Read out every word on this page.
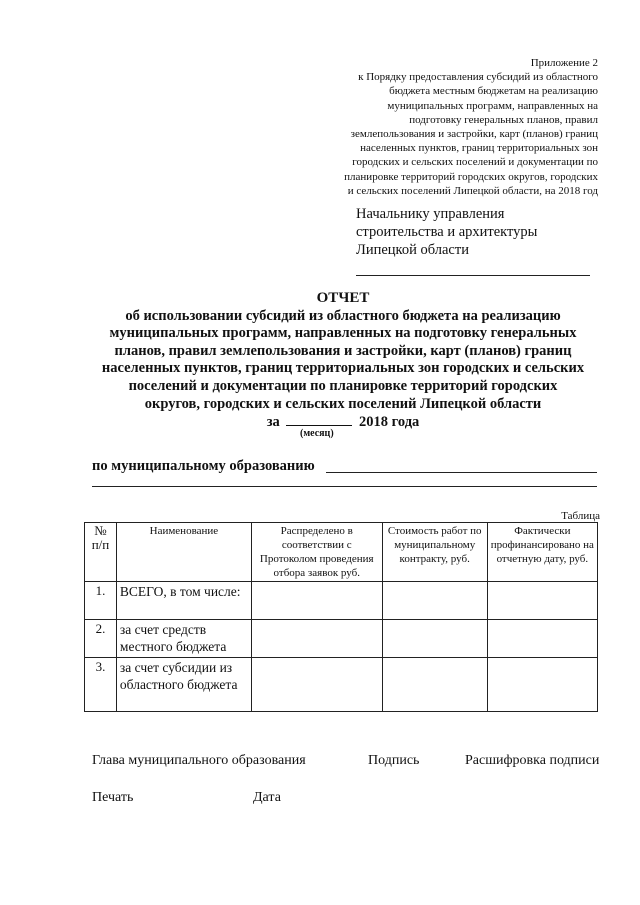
Приложение 2
к Порядку предоставления субсидий из областного
бюджета местным бюджетам на реализацию
муниципальных программ, направленных на
подготовку генеральных планов, правил
землепользования и застройки, карт (планов) границ
населенных пунктов, границ территориальных зон
городских и сельских поселений и документации по
планировке территорий городских округов, городских
и сельских поселений Липецкой области, на 2018 год
Начальнику управления
строительства и архитектуры
Липецкой области
ОТЧЕТ
об использовании субсидий из областного бюджета на реализацию
муниципальных программ, направленных на подготовку генеральных
планов, правил землепользования и застройки, карт (планов) границ
населенных пунктов, границ территориальных зон городских и сельских
поселений и документации по планировке территорий городских
округов, городских и сельских поселений Липецкой области
за	2018 года
(месяц)
по муниципальному образованию
Таблица
№ п/п	Наименование	Распределено в соответствии с Протоколом проведения отбора заявок руб.	Стоимость работ по муниципальному контракту, руб.	Фактически профинансировано на отчетную дату, руб.
1.	ВСЕГО, в том числе:			
2.	за счет средств местного бюджета			
3.	за счет субсидии из областного бюджета			
Глава муниципального образования	Подпись	Расшифровка подписи
Печать	Дата
